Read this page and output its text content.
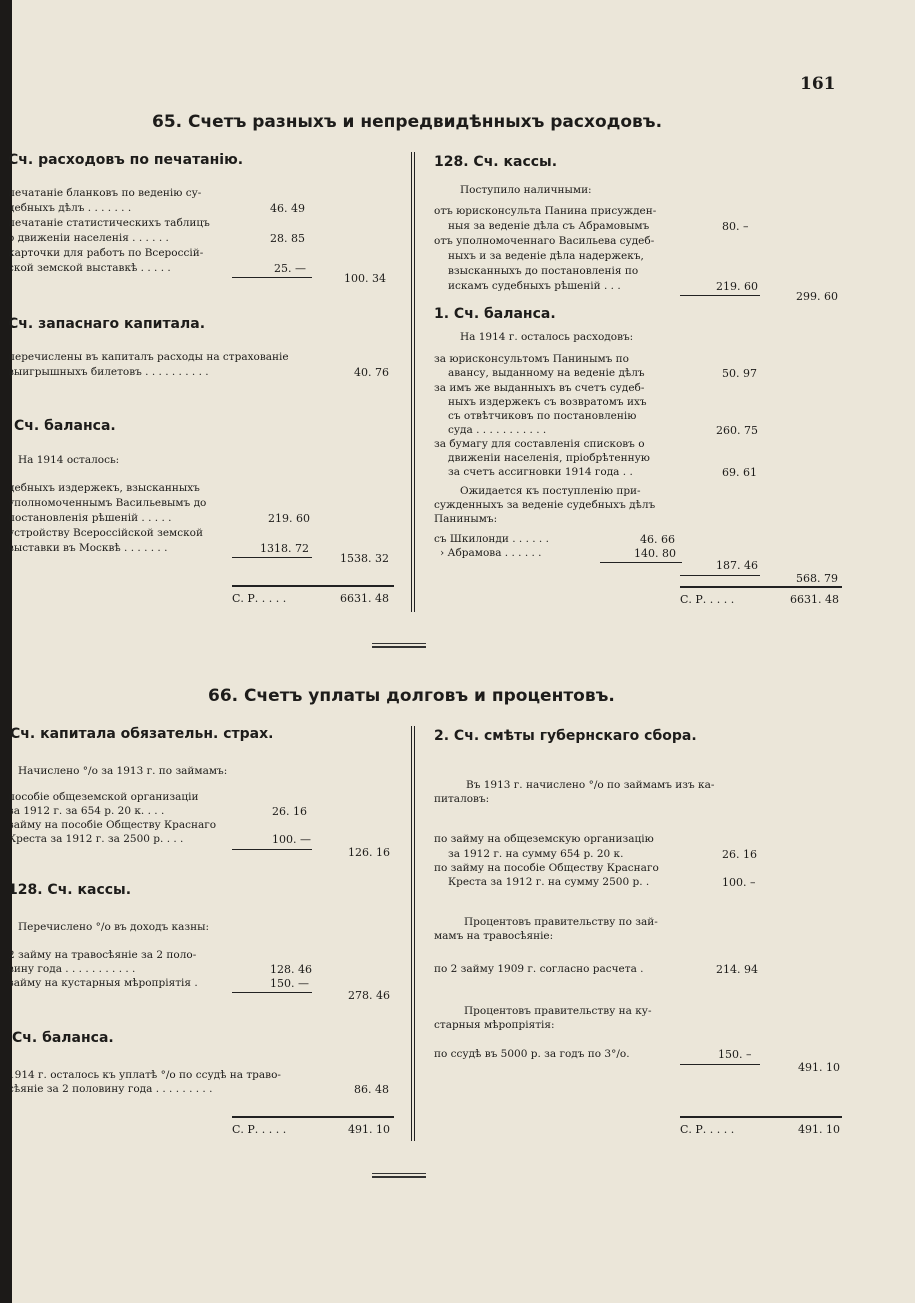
161
65. Счетъ разныхъ и непредвидѣнныхъ расходовъ.
Сч. расходовъ по печатанію.
печатаніе бланковъ по веденію су-
дебныхъ дѣлъ . . . . . . .	46. 49
печатаніе статистическихъ таблицъ
о движеніи населенія . . . . . .	28. 85
карточки для работъ по Всероссій-
ской земской выставкѣ . . . . .	25. —
100. 34
Сч. запаснаго капитала.
перечислены въ капиталъ расходы на страхованіе
выигрышныхъ билетовъ . . . . . . . . . .	40. 76
Сч. баланса.
На 1914 осталось:
дебныхъ издержекъ, взысканныхъ
уполномоченнымъ Васильевымъ до
постановленія рѣшеній . . . . .	219. 60
устройству Всероссійской земской
выставки въ Москвѣ . . . . . . .	1318. 72
1538. 32
С. Р. . . . .	6631. 48
128. Сч. кассы.
Поступило наличными:
отъ юрисконсульта Панина присужден-
ныя за веденіе дѣла съ Абрамовымъ	80. –
отъ уполномоченнаго Васильева судеб-
ныхъ и за веденіе дѣла надержекъ,
взысканныхъ до постановленія по
искамъ судебныхъ рѣшеній . . .	219. 60
299. 60
1. Сч. баланса.
На 1914 г. осталось расходовъ:
за юрисконсультомъ Панинымъ по
авансу, выданному на веденіе дѣлъ	50. 97
за имъ же выданныхъ въ счетъ судеб-
ныхъ издержекъ съ возвратомъ ихъ
съ отвѣтчиковъ по постановленію
суда . . . . . . . . . . .	260. 75
за бумагу для составленія списковъ о
движеніи населенія, пріобрѣтенную
за счетъ ассигновки 1914 года . .	69. 61
Ожидается къ поступленію при-
сужденныхъ за веденіе судебныхъ дѣлъ
Панинымъ:
съ Шкилонди . . . . . .	46. 66
› Абрамова . . . . . .	140. 80
187. 46
568. 79
С. Р. . . . .	6631. 48
66. Счетъ уплаты долговъ и процентовъ.
Сч. капитала обязательн. страх.
Начислено °/о за 1913 г. по займамъ:
пособіе общеземской организаціи
за 1912 г. за 654 р. 20 к. . . .	26. 16
займу на пособіе Обществу Краснаго
Креста за 1912 г. за 2500 р. . . .	100. —
126. 16
128. Сч. кассы.
Перечислено °/о въ доходъ казны:
2 займу на травосѣяніе за 2 поло-
вину года . . . . . . . . . . .	128. 46
займу на кустарныя мѣропріятія .	150. —
278. 46
Сч. баланса.
1914 г. осталось къ уплатѣ °/о по ссудѣ на траво-
сѣяніе за 2 половину года . . . . . . . . .	86. 48
С. Р. . . . .	491. 10
2. Сч. смѣты губернскаго сбора.
Въ 1913 г. начислено °/о по займамъ изъ ка-
питаловъ:
по займу на общеземскую организацію
за 1912 г. на сумму 654 р. 20 к.	26. 16
по займу на пособіе Обществу Краснаго
Креста за 1912 г. на сумму 2500 р. .	100. –
Процентовъ правительству по зай-
мамъ на травосѣяніе:
по 2 займу 1909 г. согласно расчета .	214. 94
Процентовъ правительству на ку-
старныя мѣропріятія:
по ссудѣ въ 5000 р. за годъ по 3°/о.	150. –
491. 10
С. Р. . . . .	491. 10
